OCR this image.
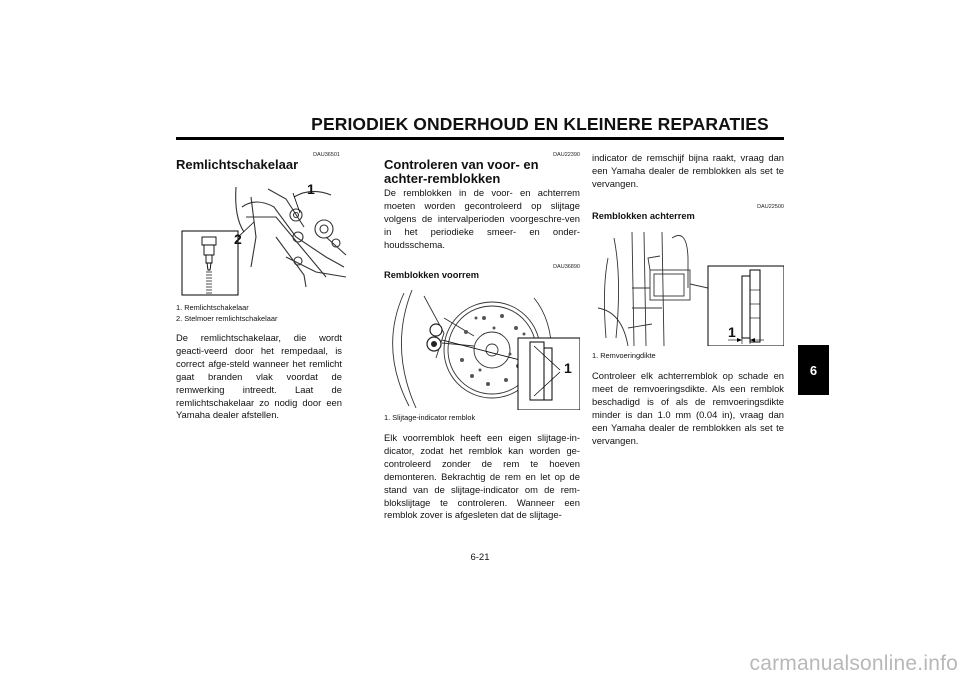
PERIODIEK ONDERHOUD EN KLEINERE REPARATIES
DAU36501
Remlichtschakelaar
1
2
1. Remlichtschakelaar
2. Stelmoer remlichtschakelaar
De remlichtschakelaar, die wordt geacti-veerd door het rempedaal, is correct afge-steld wanneer het remlicht gaat branden vlak voordat de remwerking intreedt. Laat de remlichtschakelaar zo nodig door een Yamaha dealer afstellen.
DAU22390
Controleren van voor- en achter-remblokken
De remblokken in de voor- en achterrem moeten worden gecontroleerd op slijtage volgens de intervalperioden voorgeschre-ven in het periodieke smeer- en onder-houdsschema.
DAU36890
Remblokken voorrem
1
1. Slijtage-indicator remblok
Elk voorremblok heeft een eigen slijtage-in-dicator, zodat het remblok kan worden ge-controleerd zonder de rem te hoeven demonteren. Bekrachtig de rem en let op de stand van de slijtage-indicator om de rem-blokslijtage te controleren. Wanneer een remblok zover is afgesleten dat de slijtage-
indicator de remschijf bijna raakt, vraag dan een Yamaha dealer de remblokken als set te vervangen.
DAU22500
Remblokken achterrem
1
1. Remvoeringdikte
Controleer elk achterremblok op schade en meet de remvoeringsdikte. Als een remblok beschadigd is of als de remvoeringsdikte minder is dan 1.0 mm (0.04 in), vraag dan een Yamaha dealer de remblokken als set te vervangen.
6
6-21
carmanualsonline.info
